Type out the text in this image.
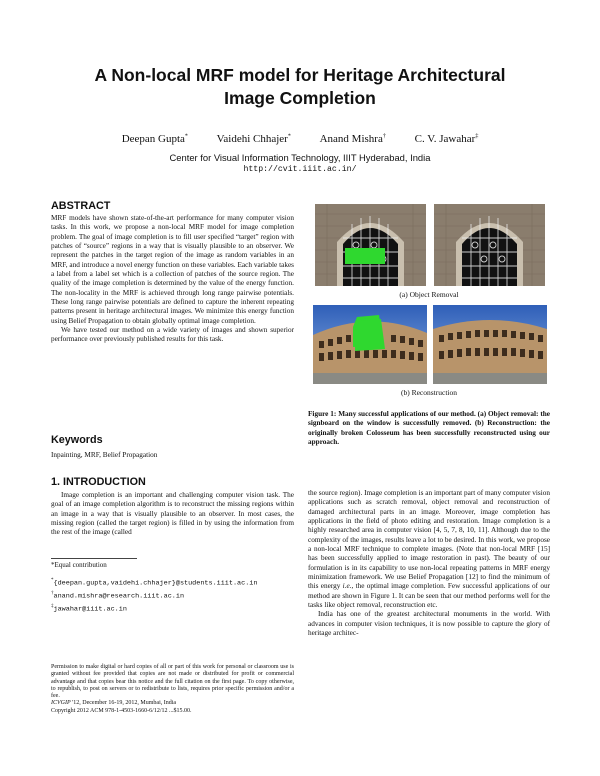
A Non-local MRF model for Heritage Architectural
Image Completion
Deepan Gupta*	Vaidehi Chhajer*	Anand Mishra†	C. V. Jawahar‡
Center for Visual Information Technology, IIIT Hyderabad, India
http://cvit.iiit.ac.in/
ABSTRACT

MRF models have shown state-of-the-art performance for many computer vision tasks. In this work, we propose a non-local MRF model for image completion problem. The goal of image completion is to fill user specified “target” region with patches of “source” regions in a way that is visually plausible to an observer. We represent the patches in the target region of the image as random variables in an MRF, and introduce a novel energy function on these variables. Each variable takes a label from a label set which is a collection of patches of the source region. The quality of the image completion is determined by the value of the energy function. The non-locality in the MRF is achieved through long range pairwise potentials. These long range pairwise potentials are defined to capture the inherent repeating patterns present in heritage architectural images. We minimize this energy function using Belief Propagation to obtain globally optimal image completion.

We have tested our method on a wide variety of images and shown superior performance over previously published results for this task.

Keywords
Inpainting, MRF, Belief Propagation
1. INTRODUCTION

Image completion is an important and challenging computer vision task. The goal of an image completion algorithm is to reconstruct the missing regions within an image in a way that is visually plausible to an observer. In most cases, the missing region (called the target region) is filled in by using the information from the rest of the image (called

*Equal contribution
*{deepan.gupta,vaidehi.chhajer}@students.iiit.ac.in
†anand.mishra@research.iiit.ac.in
‡jawahar@iiit.ac.in
Permission to make digital or hard copies of all or part of this work for personal or classroom use is granted without fee provided that copies are not made or distributed for profit or commercial advantage and that copies bear this notice and the full citation on the first page. To copy otherwise, to republish, to post on servers or to redistribute to lists, requires prior specific permission and/or a fee.
ICVGIP '12, December 16-19, 2012, Mumbai, India
Copyright 2012 ACM 978-1-4503-1660-6/12/12 ...$15.00.
(a) Object Removal
(b) Reconstruction
Figure 1: Many successful applications of our method. (a) Object removal: the signboard on the window is successfully removed. (b) Reconstruction: the originally broken Colosseum has been successfully reconstructed using our approach.

the source region). Image completion is an important part of many computer vision applications such as scratch removal, object removal and reconstruction of damaged architectural parts in an image. Moreover, image completion has applications in the field of photo editing and restoration. Image completion is a highly researched area in computer vision [4, 5, 7, 8, 10, 11]. Although due to the complexity of the images, results leave a lot to be desired. In this work, we propose a non-local MRF technique to complete images. (Note that non-local MRF [15] has been successfully applied to image restoration in past). The beauty of our formulation is in its capability to use non-local repeating patterns in MRF energy minimization framework. We use Belief Propagation [12] to find the minimum of this energy i.e., the optimal image completion. Few successful applications of our method are shown in Figure 1. It can be seen that our method performs well for the tasks like object removal, reconstruction etc.

India has one of the greatest architectural monuments in the world. With advances in computer vision techniques, it is now possible to capture the glory of heritage architec-
